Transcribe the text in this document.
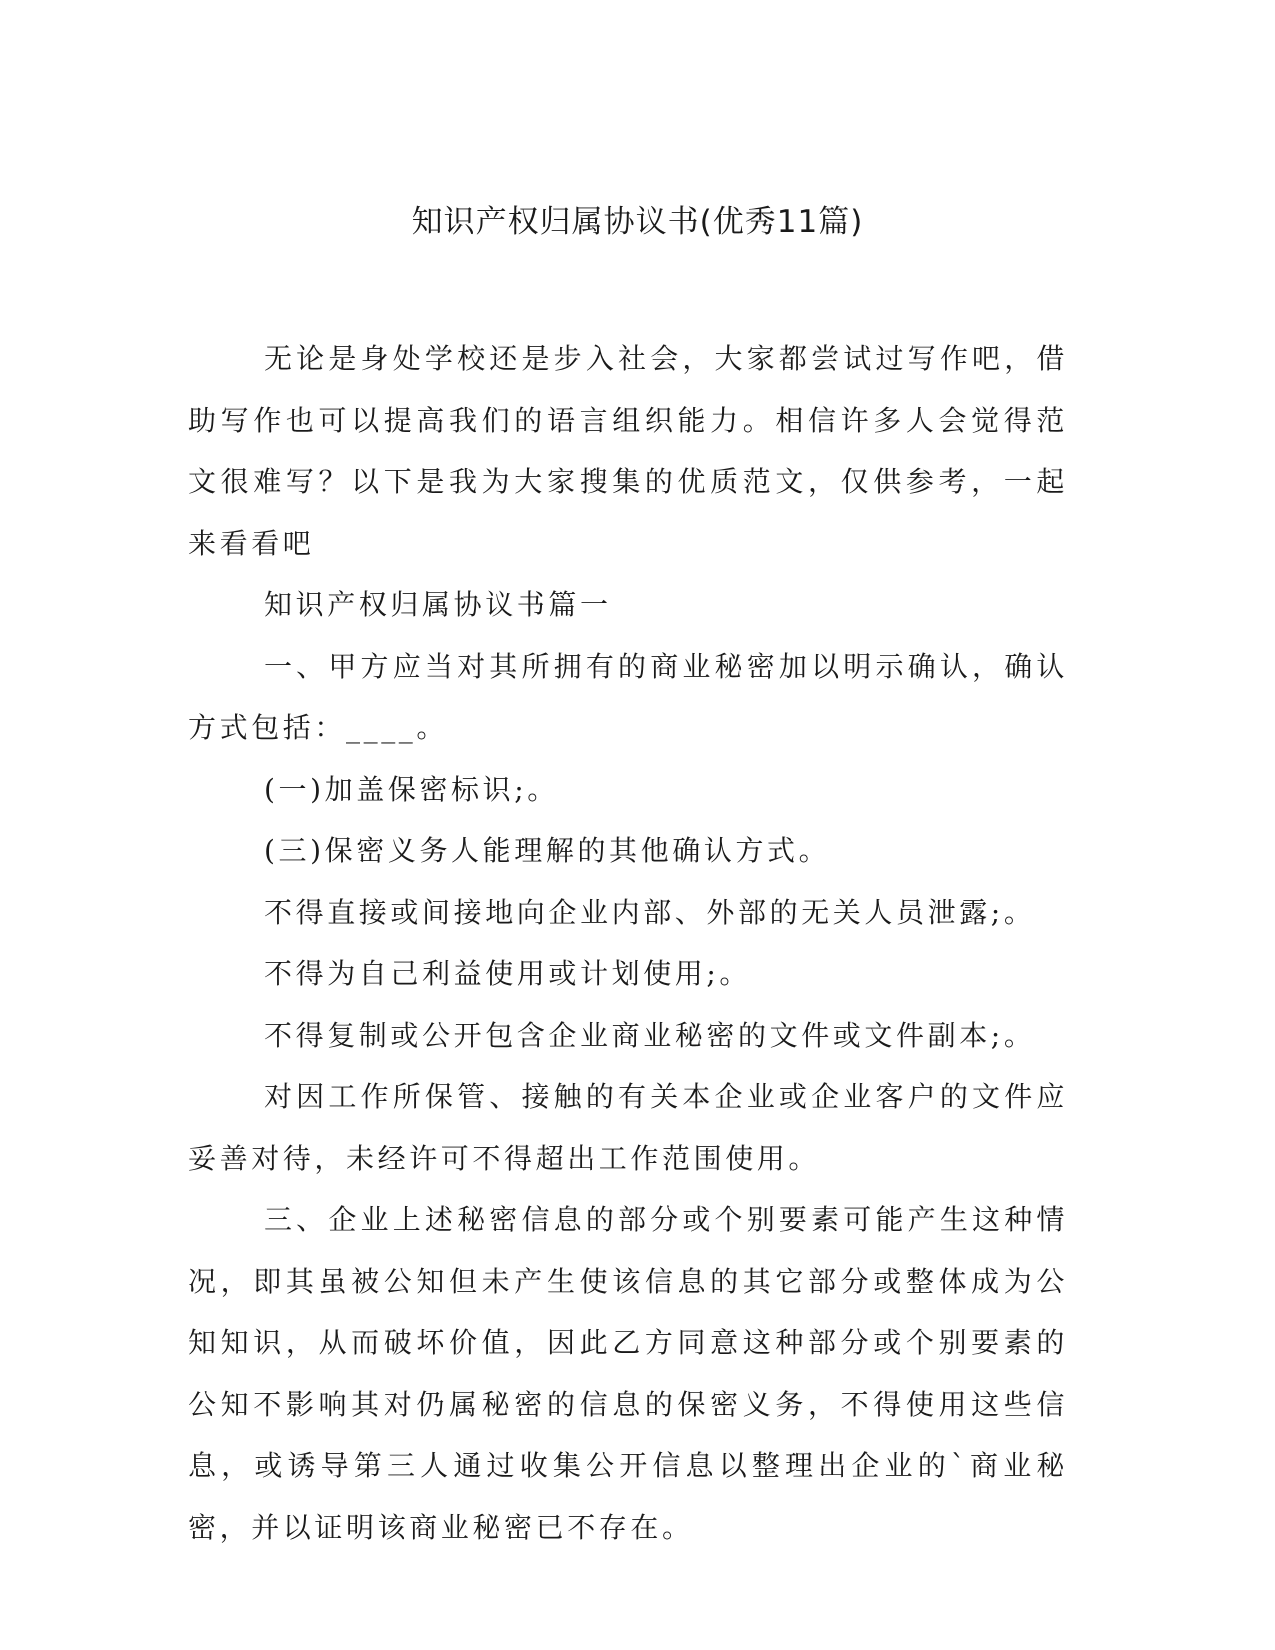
知识产权归属协议书(优秀11篇)

无论是身处学校还是步入社会，大家都尝试过写作吧，借助写作也可以提高我们的语言组织能力。相信许多人会觉得范文很难写？以下是我为大家搜集的优质范文，仅供参考，一起来看看吧

知识产权归属协议书篇一

一、甲方应当对其所拥有的商业秘密加以明示确认，确认方式包括：____。

(一)加盖保密标识;。

(三)保密义务人能理解的其他确认方式。

不得直接或间接地向企业内部、外部的无关人员泄露;。

不得为自己利益使用或计划使用;。

不得复制或公开包含企业商业秘密的文件或文件副本;。

对因工作所保管、接触的有关本企业或企业客户的文件应妥善对待，未经许可不得超出工作范围使用。

三、企业上述秘密信息的部分或个别要素可能产生这种情况，即其虽被公知但未产生使该信息的其它部分或整体成为公知知识，从而破坏价值，因此乙方同意这种部分或个别要素的公知不影响其对仍属秘密的信息的保密义务，不得使用这些信息，或诱导第三人通过收集公开信息以整理出企业的`商业秘密，并以证明该商业秘密已不存在。
